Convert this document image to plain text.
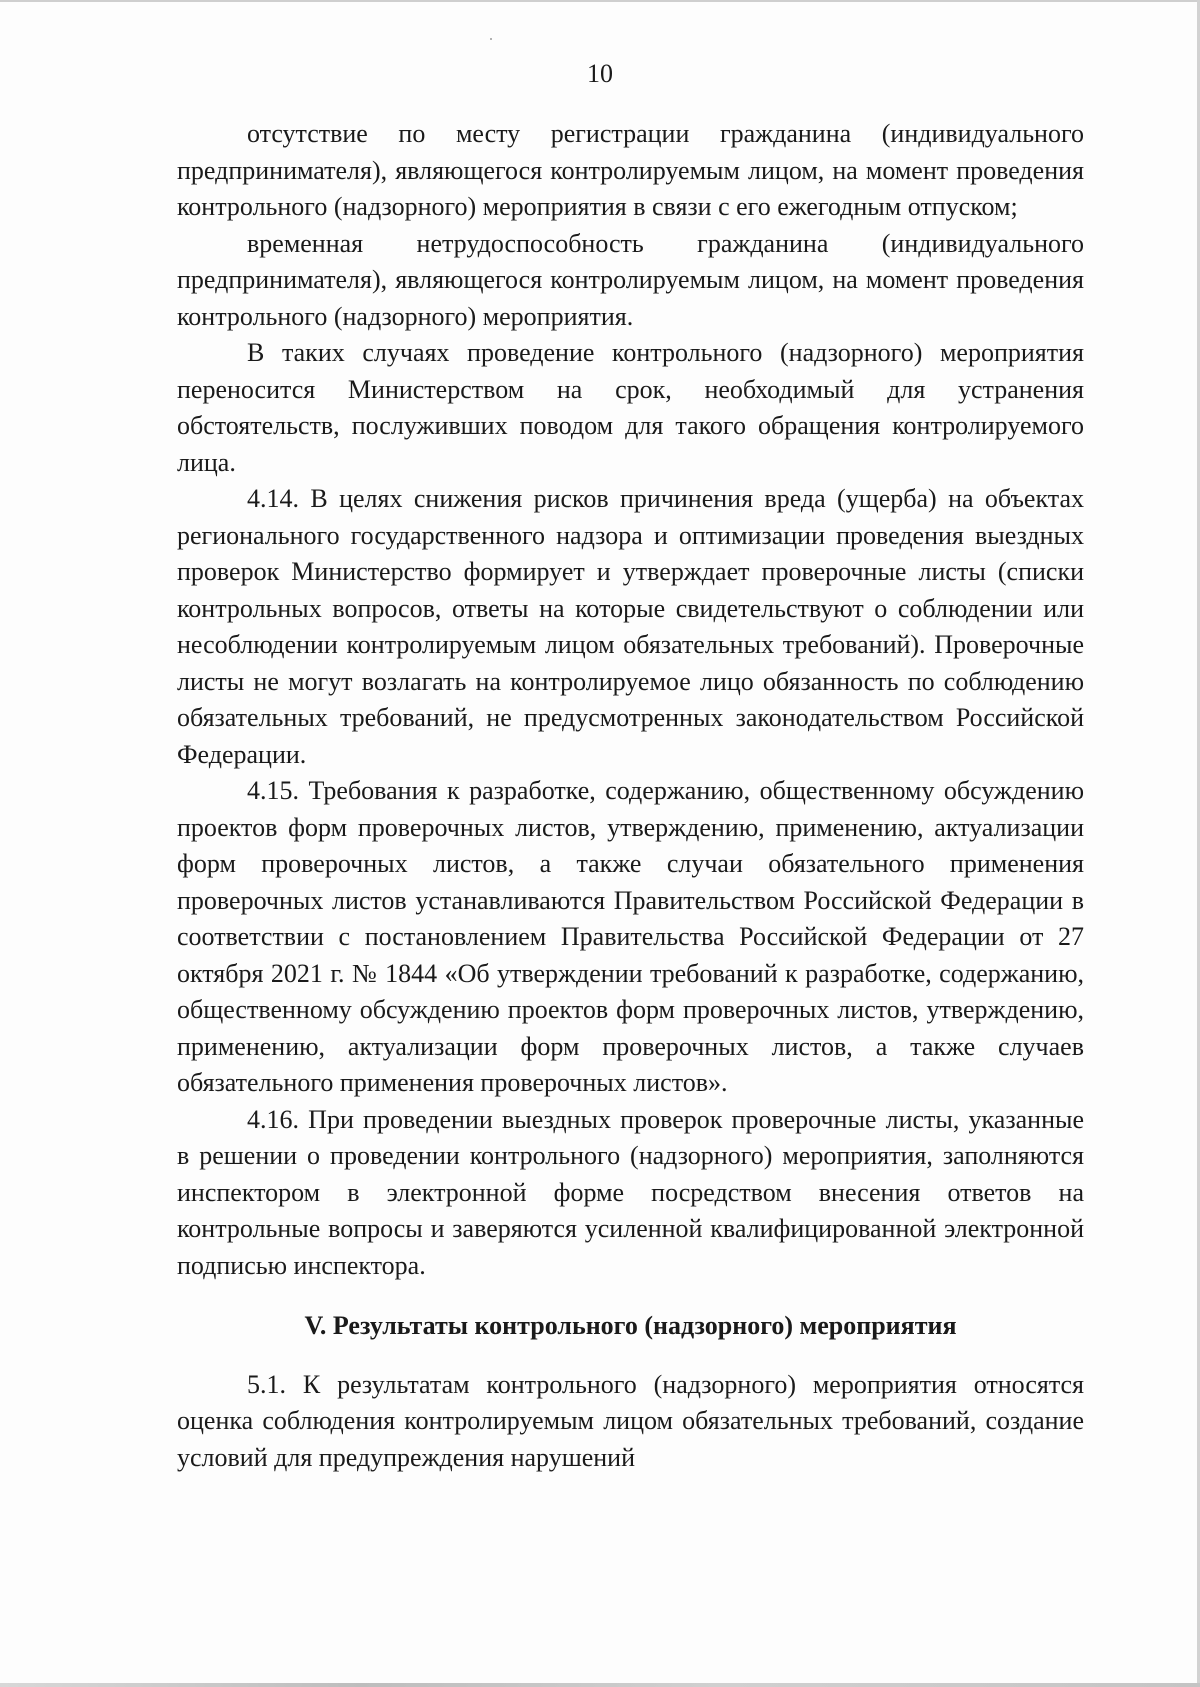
10

отсутствие по месту регистрации гражданина (индивидуального предпринимателя), являющегося контролируемым лицом, на момент проведения контрольного (надзорного) мероприятия в связи с его ежегодным отпуском;

временная нетрудоспособность гражданина (индивидуального предпринимателя), являющегося контролируемым лицом, на момент проведения контрольного (надзорного) мероприятия.

В таких случаях проведение контрольного (надзорного) мероприятия переносится Министерством на срок, необходимый для устранения обстоятельств, послуживших поводом для такого обращения контролируемого лица.

4.14. В целях снижения рисков причинения вреда (ущерба) на объектах регионального государственного надзора и оптимизации проведения выездных проверок Министерство формирует и утверждает проверочные листы (списки контрольных вопросов, ответы на которые свидетельствуют о соблюдении или несоблюдении контролируемым лицом обязательных требований). Проверочные листы не могут возлагать на контролируемое лицо обязанность по соблюдению обязательных требований, не предусмотренных законодательством Российской Федерации.

4.15. Требования к разработке, содержанию, общественному обсуждению проектов форм проверочных листов, утверждению, применению, актуализации форм проверочных листов, а также случаи обязательного применения проверочных листов устанавливаются Правительством Российской Федерации в соответствии с постановлением Правительства Российской Федерации от 27 октября 2021 г. № 1844 «Об утверждении требований к разработке, содержанию, общественному обсуждению проектов форм проверочных листов, утверждению, применению, актуализации форм проверочных листов, а также случаев обязательного применения проверочных листов».

4.16. При проведении выездных проверок проверочные листы, указанные в решении о проведении контрольного (надзорного) мероприятия, заполняются инспектором в электронной форме посредством внесения ответов на контрольные вопросы и заверяются усиленной квалифицированной электронной подписью инспектора.

V. Результаты контрольного (надзорного) мероприятия

5.1. К результатам контрольного (надзорного) мероприятия относятся оценка соблюдения контролируемым лицом обязательных требований, создание условий для предупреждения нарушений
